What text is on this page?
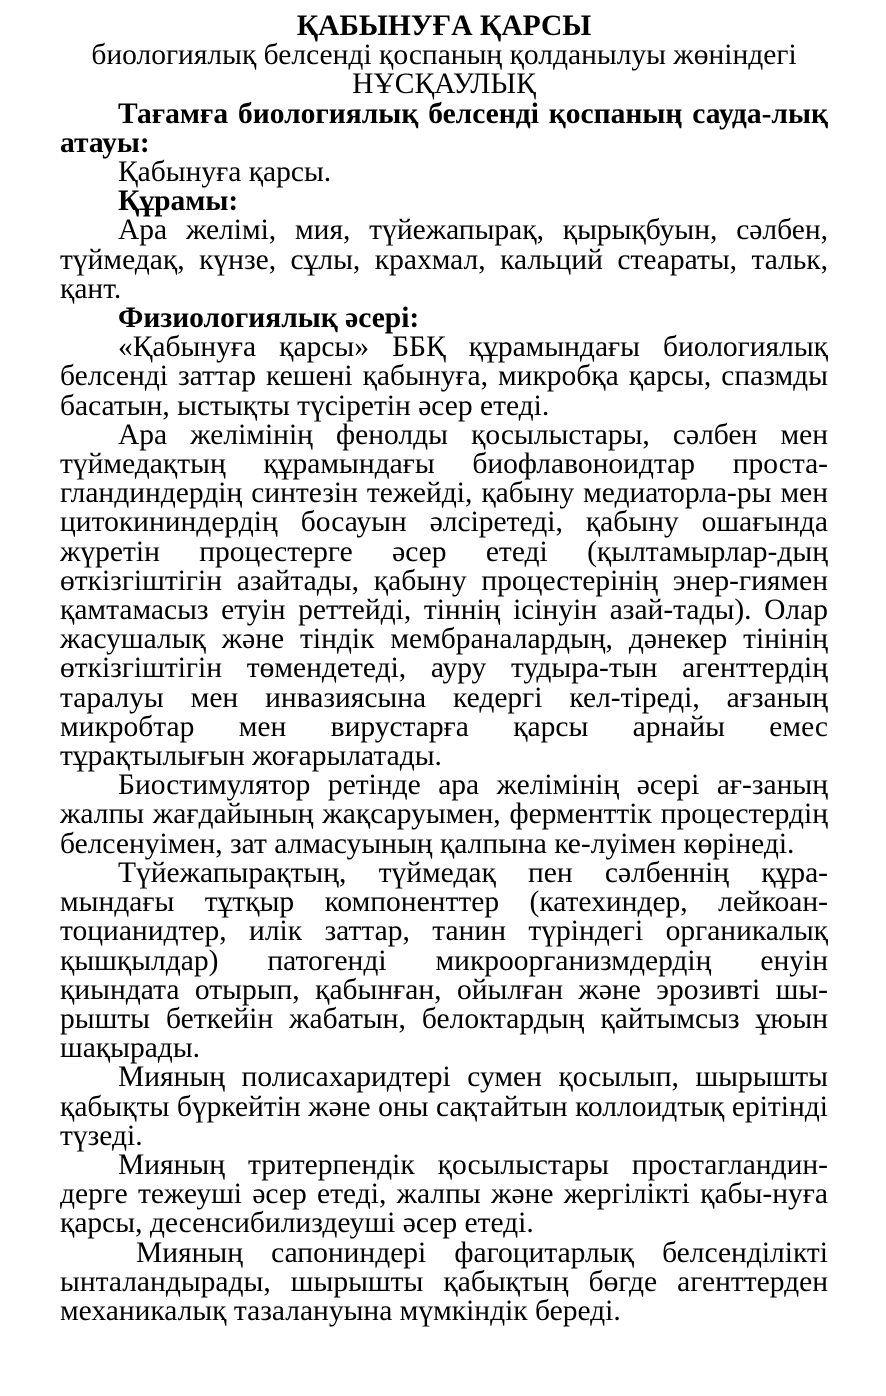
ҚАБЫНУҒА ҚАРСЫ
биологиялық белсенді қоспаның қолданылуы жөніндегі
НҰСҚАУЛЫҚ

Тағамға биологиялық белсенді қоспаның сауда-лық атауы:

Қабынуға қарсы.

Құрамы:

Ара желімі, мия, түйежапырақ, қырықбуын, сәлбен, түймедақ, күнзе, сұлы, крахмал, кальций стеараты, тальк, қант.

Физиологиялық әсері:

«Қабынуға қарсы» ББҚ құрамындағы биологиялық белсенді заттар кешені қабынуға, микробқа қарсы, спазмды басатын, ыстықты түсіретін әсер етеді.

Ара желімінің фенолды қосылыстары, сәлбен мен түймедақтың құрамындағы биофлавоноидтар проста-гландиндердің синтезін тежейді, қабыну медиаторла-ры мен цитокининдердің босауын әлсіретеді, қабыну ошағында жүретін процестерге әсер етеді (қылтамырлар-дың өткізгіштігін азайтады, қабыну процестерінің энер-гиямен қамтамасыз етуін реттейді, тіннің ісінуін азай-тады). Олар жасушалық және тіндік мембраналардың, дәнекер тінінің өткізгіштігін төмендетеді, ауру тудыра-тын агенттердің таралуы мен инвазиясына кедергі кел-тіреді, ағзаның микробтар мен вирустарға қарсы арнайы емес тұрақтылығын жоғарылатады.

Биостимулятор ретінде ара желімінің әсері ағ-заның жалпы жағдайының жақсаруымен, ферменттік процестердің белсенуімен, зат алмасуының қалпына ке-луімен көрінеді.

Түйежапырақтың, түймедақ пен сәлбеннің құра-мындағы тұтқыр компоненттер (катехиндер, лейкоан-тоцианидтер, илік заттар, танин түріндегі органикалық қышқылдар) патогенді микроорганизмдердің енуін қиындата отырып, қабынған, ойылған және эрозивті шы-рышты беткейін жабатын, белоктардың қайтымсыз ұюын шақырады.

Мияның полисахаридтері сумен қосылып, шырышты қабықты бүркейтін және оны сақтайтын коллоидтық ерітінді түзеді.

Мияның тритерпендік қосылыстары простагландин-дерге тежеуші әсер етеді, жалпы және жергілікті қабы-нуға қарсы, десенсибилиздеуші әсер етеді.

Мияның сапониндері фагоцитарлық белсенділікті ынталандырады, шырышты қабықтың бөгде агенттерден механикалық тазалануына мүмкіндік береді.
